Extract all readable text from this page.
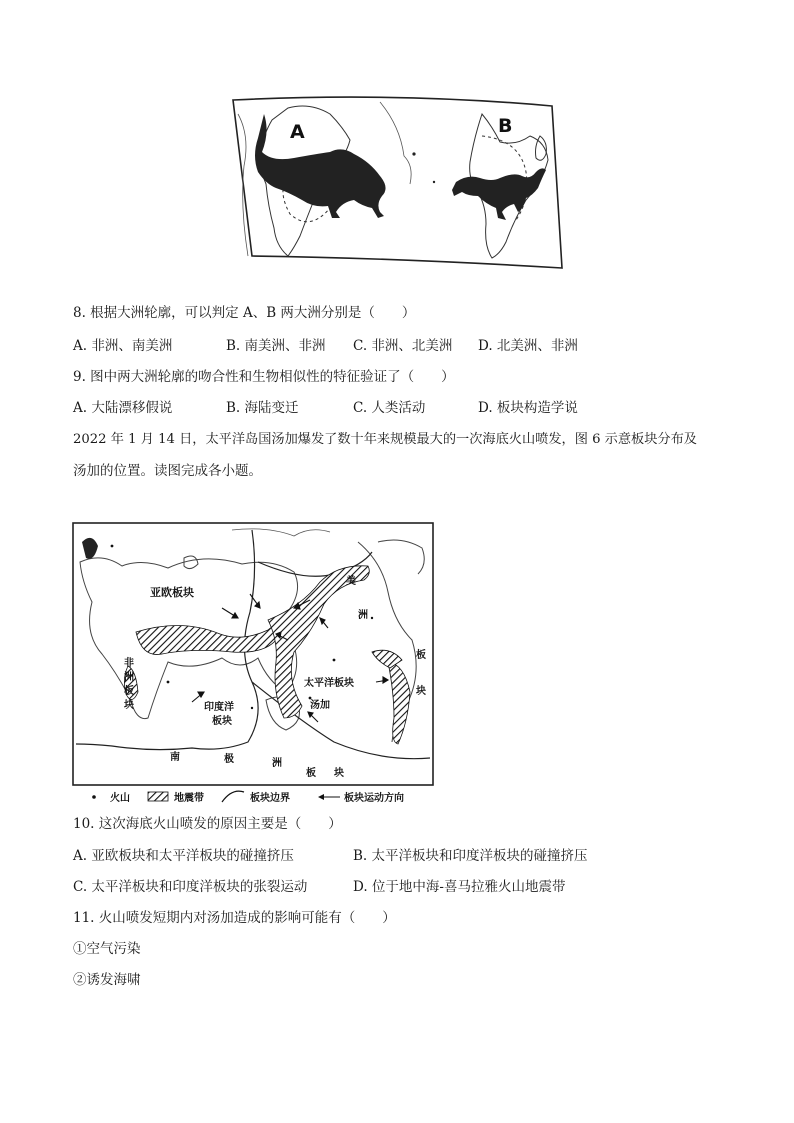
A	B
8. 根据大洲轮廓，可以判定 A、B 两大洲分别是（　　）
A. 非洲、南美洲	B. 南美洲、非洲 C. 非洲、北美洲 D. 北美洲、非洲
9. 图中两大洲轮廓的吻合性和生物相似性的特征验证了（　　）
A. 大陆漂移假说	B. 海陆变迁	C. 人类活动	D. 板块构造学说
2022 年 1 月 14 日，太平洋岛国汤加爆发了数十年来规模最大的一次海底火山喷发，图 6 示意板块分布及
汤加的位置。读图完成各小题。
亚欧板块
非
洲
板
块	印度洋
板块
太平洋板块
汤加
美
洲
板
块
南	极	洲
板 块
火山	地震带	板块边界	板块运动方向
10. 这次海底火山喷发的原因主要是（　　）
A. 亚欧板块和太平洋板块的碰撞挤压	B. 太平洋板块和印度洋板块的碰撞挤压
C. 太平洋板块和印度洋板块的张裂运动	D. 位于地中海-喜马拉雅火山地震带
11. 火山喷发短期内对汤加造成的影响可能有（　　）
①空气污染
②诱发海啸
